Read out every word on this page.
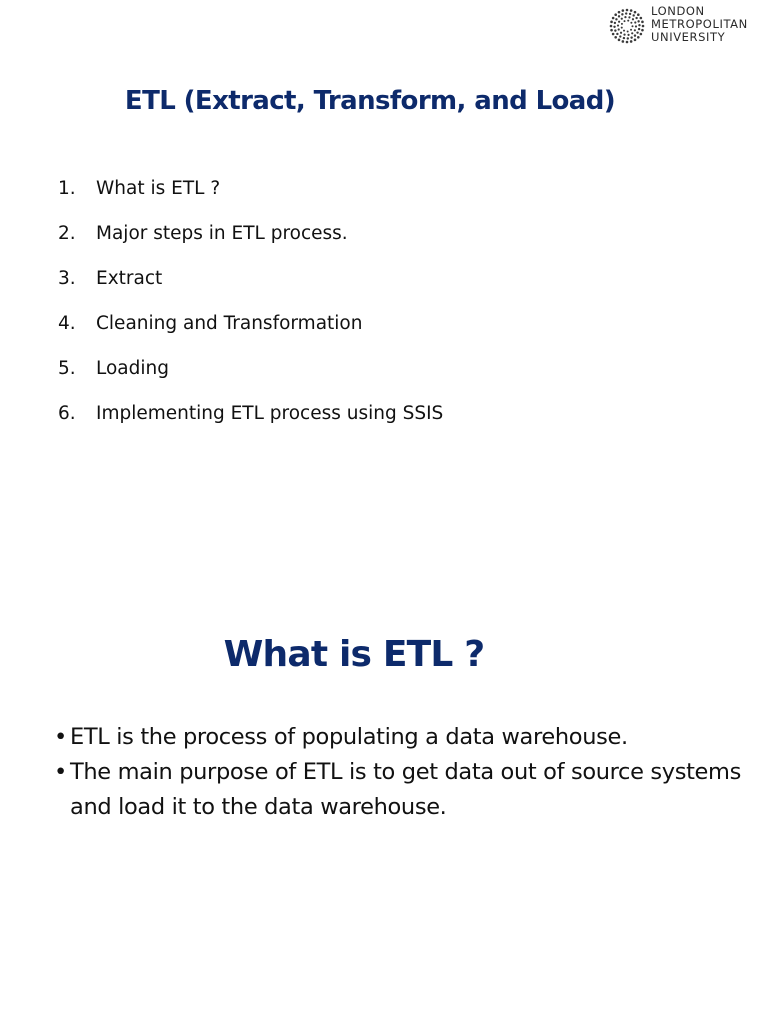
LONDON
METROPOLITAN
UNIVERSITY
ETL (Extract, Transform, and Load)
1. What is ETL ?
2. Major steps in ETL process.
3. Extract
4. Cleaning and Transformation
5. Loading
6. Implementing ETL process using SSIS
What is ETL ?
• ETL is the process of populating a data warehouse.
• The main purpose of ETL is to get data out of source systems and load it to the data warehouse.
